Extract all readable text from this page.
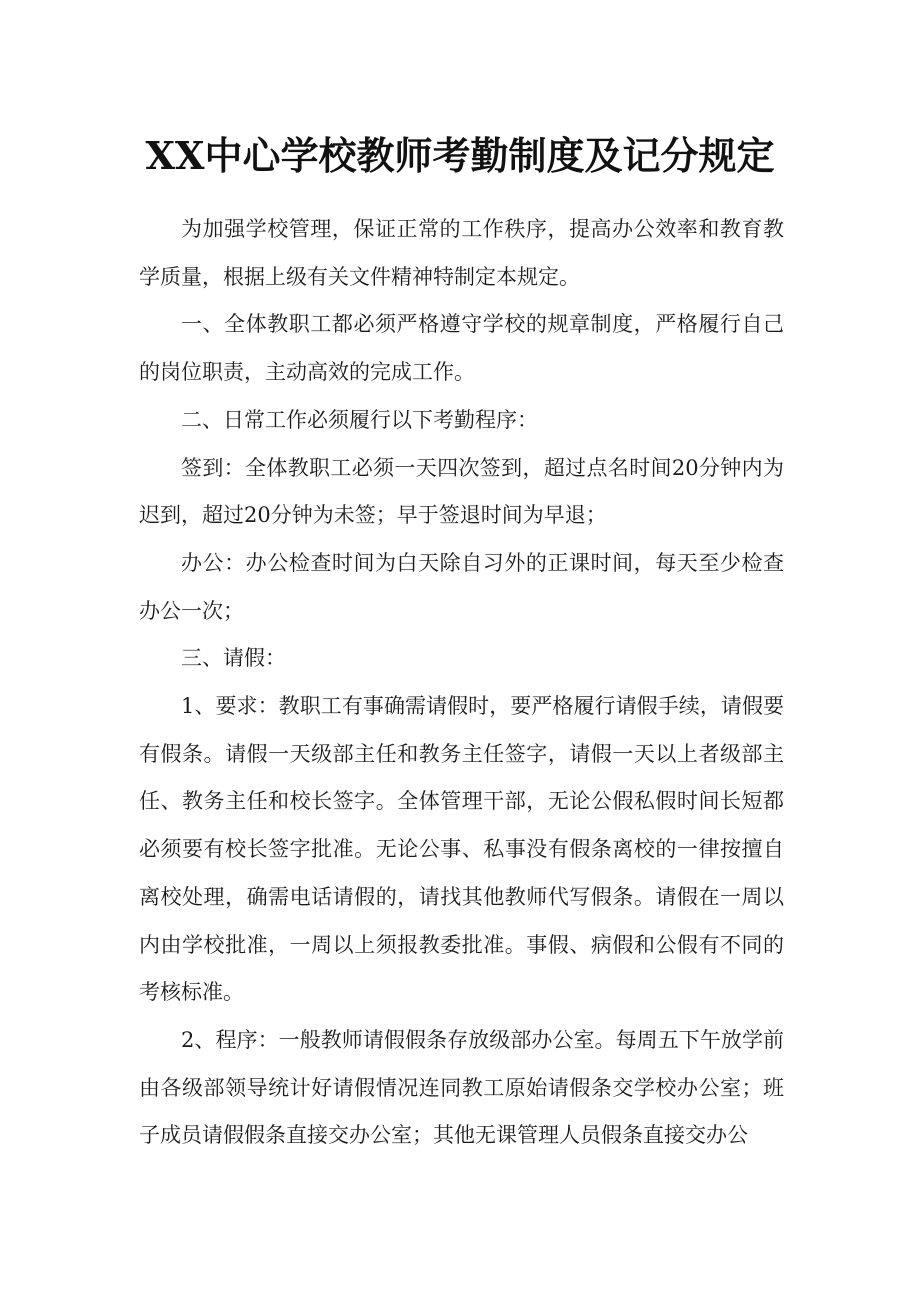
XX中心学校教师考勤制度及记分规定

为加强学校管理，保证正常的工作秩序，提高办公效率和教育教学质量，根据上级有关文件精神特制定本规定。

一、全体教职工都必须严格遵守学校的规章制度，严格履行自己的岗位职责，主动高效的完成工作。

二、日常工作必须履行以下考勤程序：

签到：全体教职工必须一天四次签到，超过点名时间20分钟内为迟到，超过20分钟为未签；早于签退时间为早退；

办公：办公检查时间为白天除自习外的正课时间，每天至少检查办公一次；

三、请假：

1、要求：教职工有事确需请假时，要严格履行请假手续，请假要有假条。请假一天级部主任和教务主任签字，请假一天以上者级部主任、教务主任和校长签字。全体管理干部，无论公假私假时间长短都必须要有校长签字批准。无论公事、私事没有假条离校的一律按擅自离校处理，确需电话请假的，请找其他教师代写假条。请假在一周以内由学校批准，一周以上须报教委批准。事假、病假和公假有不同的考核标准。

2、程序：一般教师请假假条存放级部办公室。每周五下午放学前由各级部领导统计好请假情况连同教工原始请假条交学校办公室；班子成员请假假条直接交办公室；其他无课管理人员假条直接交办公
